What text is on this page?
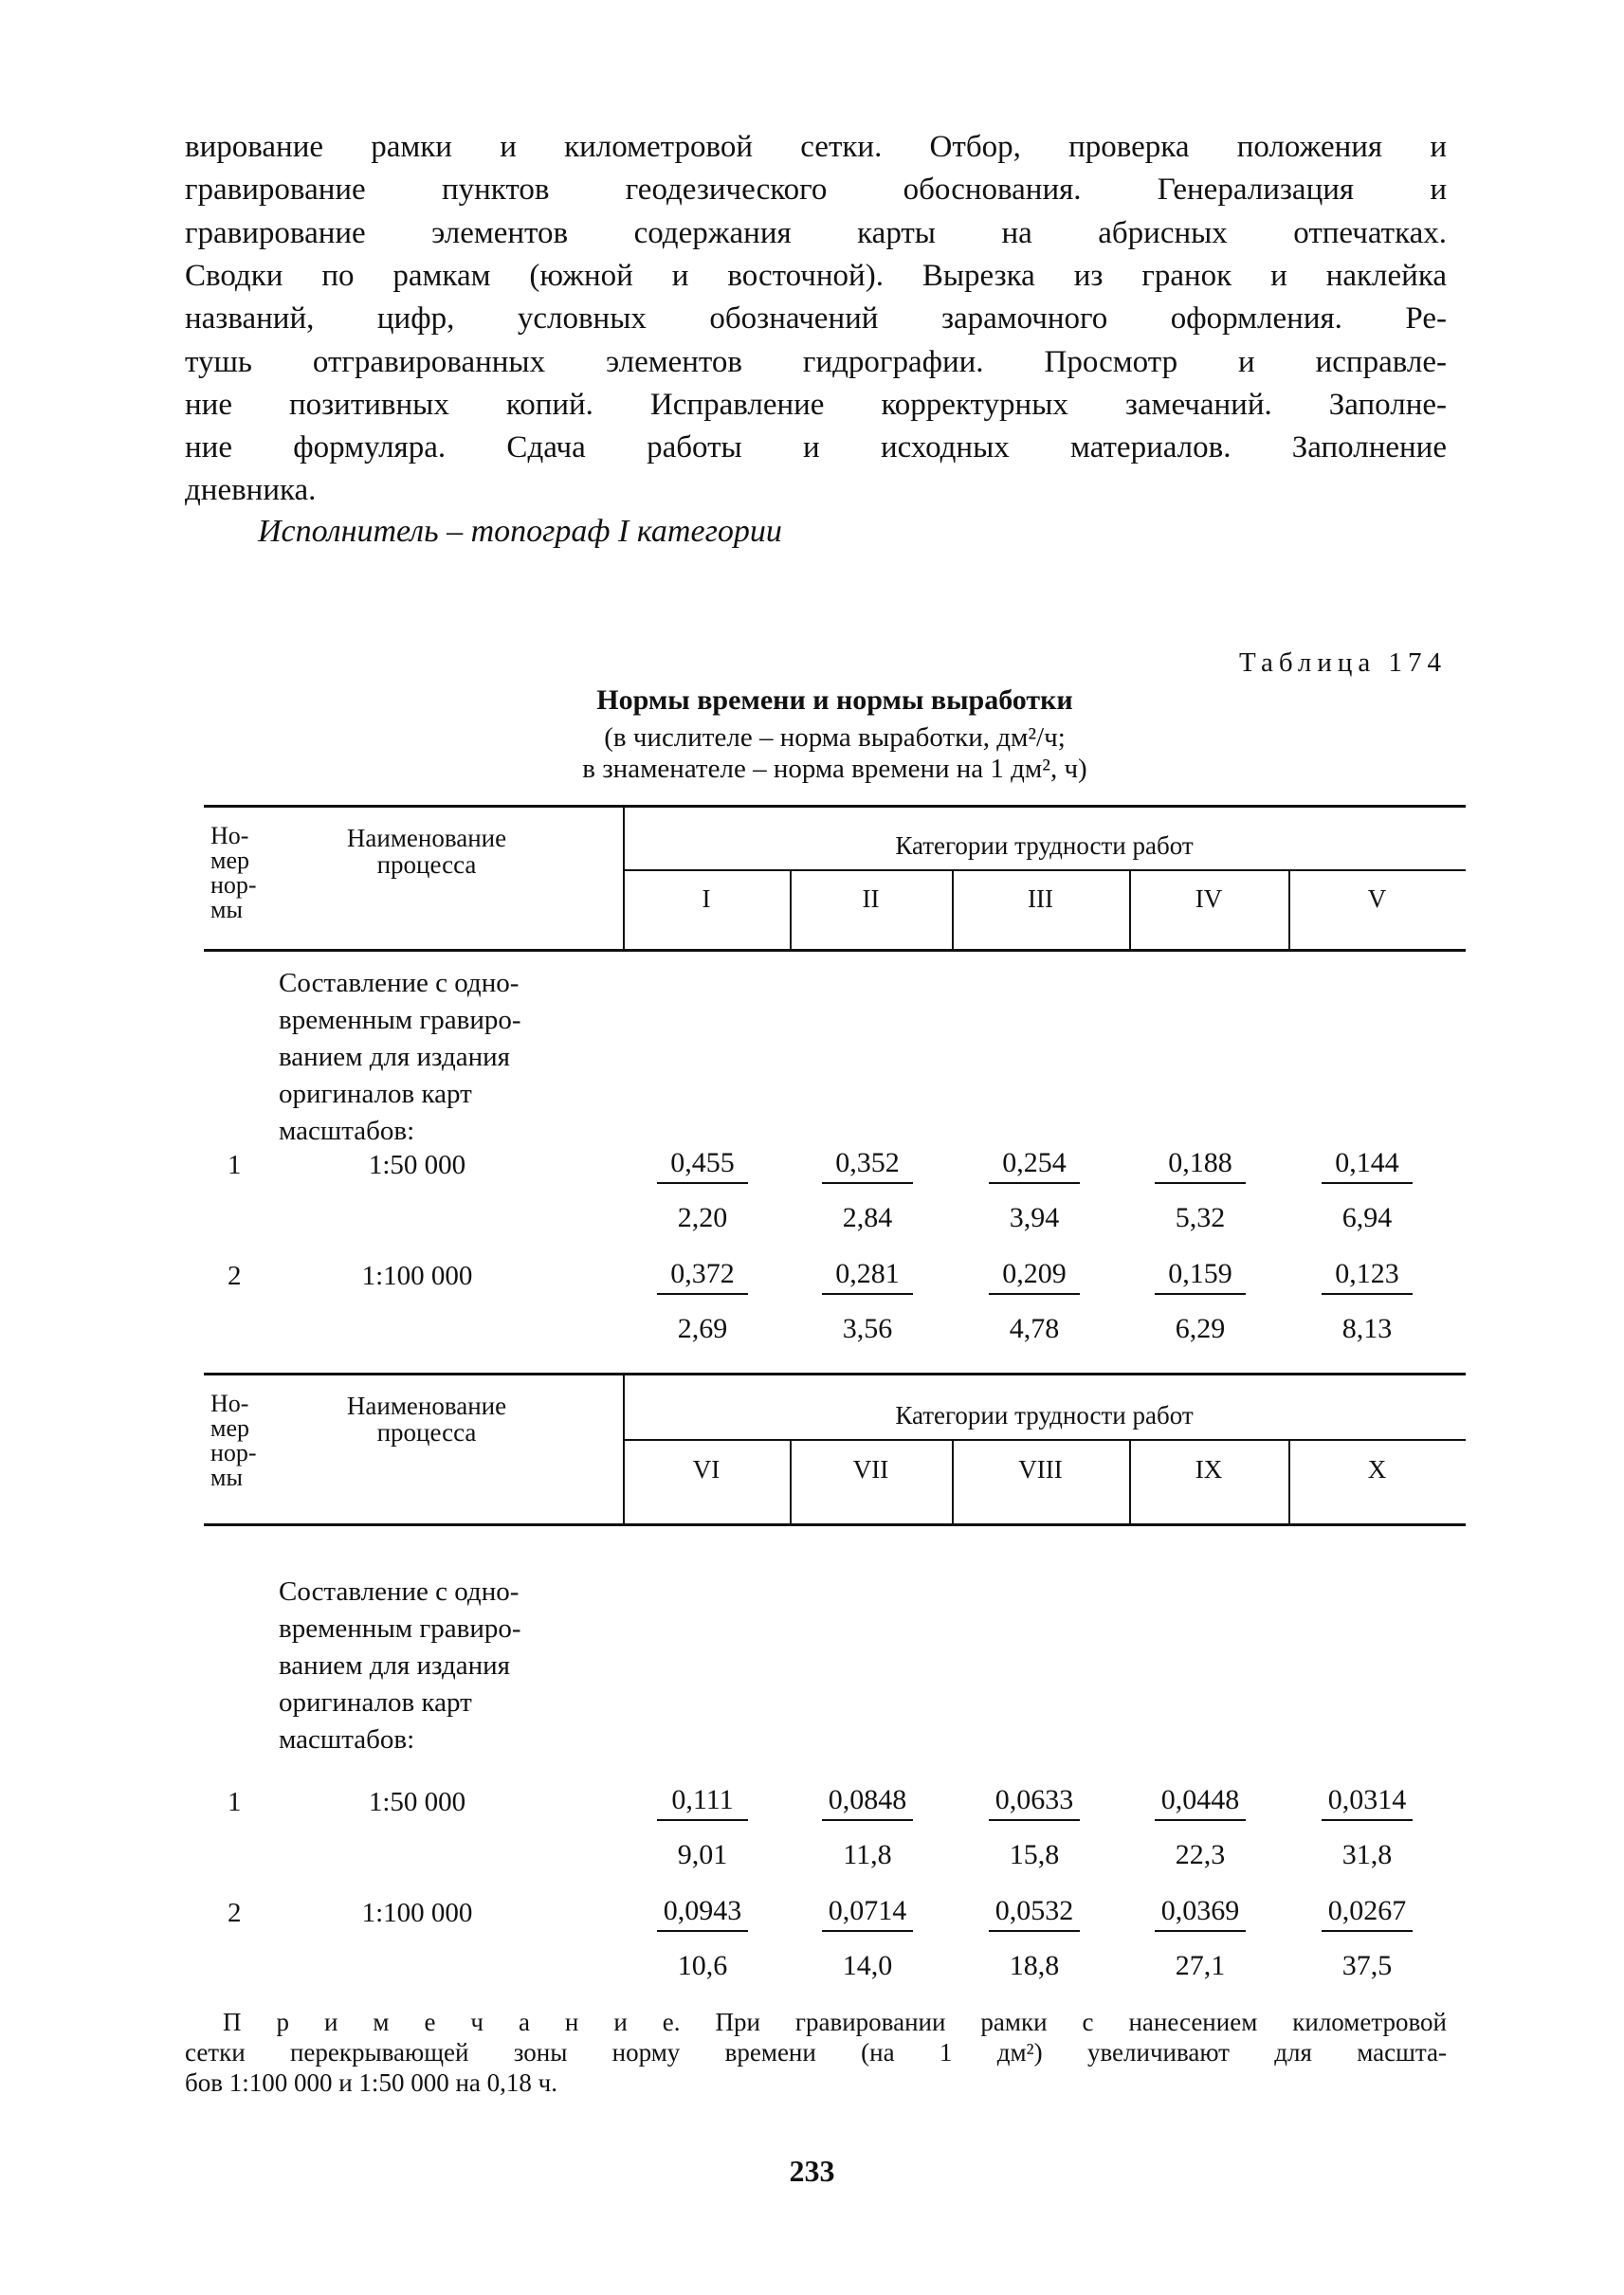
вирование рамки и километровой сетки. Отбор, проверка положения и
гравирование пунктов геодезического обоснования. Генерализация и
гравирование элементов содержания карты на абрисных отпечатках.
Сводки по рамкам (южной и восточной). Вырезка из гранок и наклейка
названий, цифр, условных обозначений зарамочного оформления. Ре-
тушь отгравированных элементов гидрографии. Просмотр и исправле-
ние позитивных копий. Исправление корректурных замечаний. Заполне-
ние формуляра. Сдача работы и исходных материалов. Заполнение
дневника.
Исполнитель – топограф I категории
Таблица 174
Нормы времени и нормы выработки
(в числителе – норма выработки, дм²/ч;
в знаменателе – норма времени на 1 дм², ч)
Но-
мер
нор-
мы
Наименование
процесса
Категории трудности работ
I	II	III	IV	V
Составление с одно-
временным гравиро-
ванием для издания
оригиналов карт
масштабов:
1	1:50 000	0,455	0,352	0,254	0,188	0,144
2,20	2,84	3,94	5,32	6,94
2	1:100 000	0,372	0,281	0,209	0,159	0,123
2,69	3,56	4,78	6,29	8,13
Но-
мер
нор-
мы
Наименование
процесса
Категории трудности работ
VI	VII	VIII	IX	X
Составление с одно-
временным гравиро-
ванием для издания
оригиналов карт
масштабов:
1	1:50 000	0,111	0,0848	0,0633	0,0448	0,0314
9,01	11,8	15,8	22,3	31,8
2	1:100 000	0,0943	0,0714	0,0532	0,0369	0,0267
10,6	14,0	18,8	27,1	37,5
П р и м е ч а н и е. При гравировании рамки с нанесением километровой
сетки перекрывающей зоны норму времени (на 1 дм²) увеличивают для масшта-
бов 1:100 000 и 1:50 000 на 0,18 ч.
233
